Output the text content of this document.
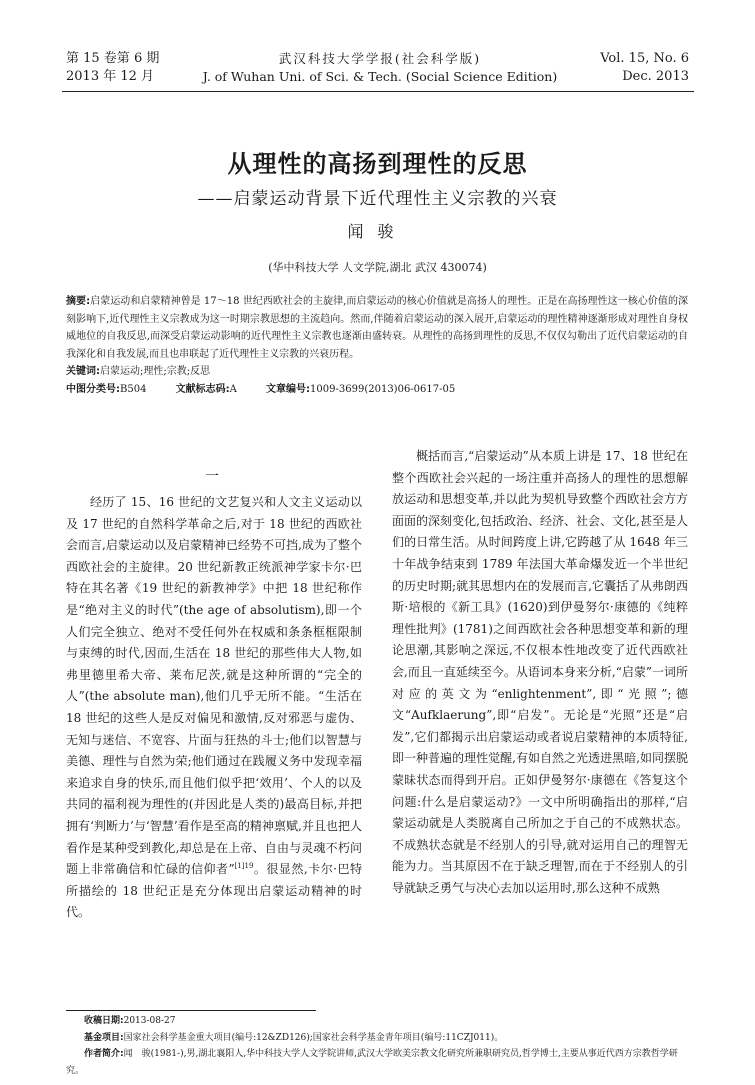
第 15 卷第 6 期
2013 年 12 月
武汉科技大学学报(社会科学版)
J. of Wuhan Uni. of Sci. & Tech. (Social Science Edition)
Vol. 15, No. 6
Dec. 2013
从理性的高扬到理性的反思
——启蒙运动背景下近代理性主义宗教的兴衰
闻骏
(华中科技大学 人文学院,湖北 武汉 430074)
摘要:启蒙运动和启蒙精神曾是 17～18 世纪西欧社会的主旋律,而启蒙运动的核心价值就是高扬人的理性。正是在高扬理性这一核心价值的深刻影响下,近代理性主义宗教成为这一时期宗教思想的主流趋向。然而,伴随着启蒙运动的深入展开,启蒙运动的理性精神逐渐形成对理性自身权威地位的自我反思,而深受启蒙运动影响的近代理性主义宗教也逐渐由盛转衰。从理性的高扬到理性的反思,不仅仅勾勒出了近代启蒙运动的自我深化和自我发展,而且也串联起了近代理性主义宗教的兴衰历程。
关键词:启蒙运动;理性;宗教;反思
中图分类号:B504	文献标志码:A	文章编号:1009-3699(2013)06-0617-05
一

经历了 15、16 世纪的文艺复兴和人文主义运动以及 17 世纪的自然科学革命之后,对于 18 世纪的西欧社会而言,启蒙运动以及启蒙精神已经势不可挡,成为了整个西欧社会的主旋律。20 世纪新教正统派神学家卡尔·巴特在其名著《19 世纪的新教神学》中把 18 世纪称作是“绝对主义的时代”(the age of absolutism),即一个人们完全独立、绝对不受任何外在权威和条条框框限制与束缚的时代,因而,生活在 18 世纪的那些伟大人物,如弗里德里希大帝、莱布尼茨,就是这种所谓的“完全的人”(the absolute man),他们几乎无所不能。“生活在 18 世纪的这些人是反对偏见和激情,反对邪恶与虚伪、无知与迷信、不宽容、片面与狂热的斗士;他们以智慧与美德、理性与自然为荣;他们通过在践履义务中发现幸福来追求自身的快乐,而且他们似乎把‘效用’、个人的以及共同的福利视为理性的(并因此是人类的)最高目标,并把拥有‘判断力’与‘智慧’看作是至高的精神禀赋,并且也把人看作是某种受到教化,却总是在上帝、自由与灵魂不朽问题上非常确信和忙碌的信仰者”$^{[1]19}$。很显然,卡尔·巴特所描绘的 18 世纪正是充分体现出启蒙运动精神的时代。

概括而言,“启蒙运动”从本质上讲是 17、18 世纪在整个西欧社会兴起的一场注重并高扬人的理性的思想解放运动和思想变革,并以此为契机导致整个西欧社会方方面面的深刻变化,包括政治、经济、社会、文化,甚至是人们的日常生活。从时间跨度上讲,它跨越了从 1648 年三十年战争结束到 1789 年法国大革命爆发近一个半世纪的历史时期;就其思想内在的发展而言,它囊括了从弗朗西斯·培根的《新工具》(1620)到伊曼努尔·康德的《纯粹理性批判》(1781)之间西欧社会各种思想变革和新的理论思潮,其影响之深远,不仅根本性地改变了近代西欧社会,而且一直延续至今。从语词本身来分析,“启蒙”一词所对应的英文为“enlightenment”,即“光照”;德文“Aufklaerung”,即“启发”。无论是“光照”还是“启发”,它们都揭示出启蒙运动或者说启蒙精神的本质特征,即一种普遍的理性觉醒,有如自然之光透进黑暗,如同摆脱蒙昧状态而得到开启。正如伊曼努尔·康德在《答复这个问题:什么是启蒙运动?》一文中所明确指出的那样,“启蒙运动就是人类脱离自己所加之于自己的不成熟状态。不成熟状态就是不经别人的引导,就对运用自己的理智无能为力。当其原因不在于缺乏理智,而在于不经别人的引导就缺乏勇气与决心去加以运用时,那么这种不成熟

收稿日期:2013-08-27
基金项目:国家社会科学基金重大项目(编号:12&ZD126);国家社会科学基金青年项目(编号:11CZJ011)。
作者简介:闻　骏(1981-),男,湖北襄阳人,华中科技大学人文学院讲师,武汉大学欧美宗教文化研究所兼职研究员,哲学博士,主要从事近代西方宗教哲学研究。
